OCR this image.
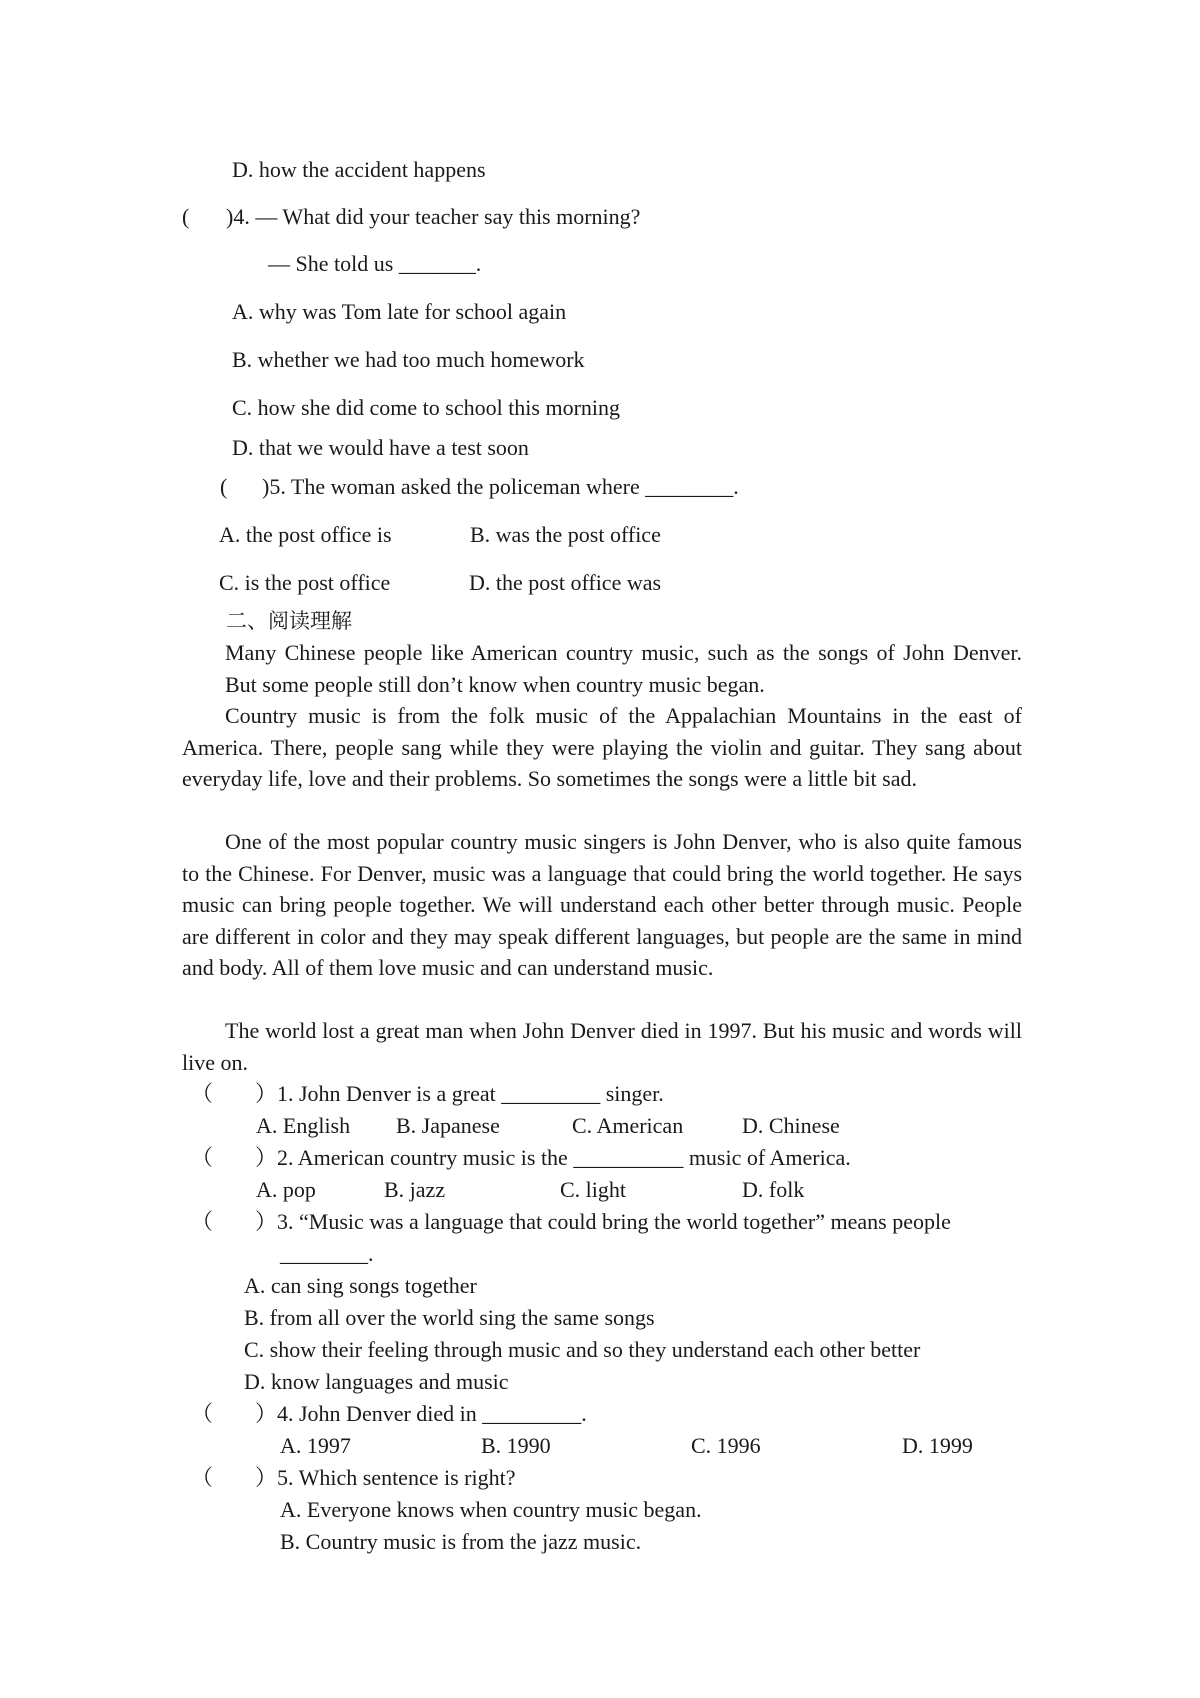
D. how the accident happens
( )4. — What did your teacher say this morning?
— She told us _______.
A. why was Tom late for school again
B. whether we had too much homework
C. how she did come to school this morning
D. that we would have a test soon
( )5. The woman asked the policeman where ________.
A. the post office is	B. was the post office
C. is the post office	D. the post office was
二、阅读理解
Many Chinese people like American country music, such as the songs of John Denver. But some people still don’t know when country music began.
Country music is from the folk music of the Appalachian Mountains in the east of America. There, people sang while they were playing the violin and guitar. They sang about everyday life, love and their problems. So sometimes the songs were a little bit sad.
One of the most popular country music singers is John Denver, who is also quite famous to the Chinese. For Denver, music was a language that could bring the world together. He says music can bring people together. We will understand each other better through music. People are different in color and they may speak different languages, but people are the same in mind and body. All of them love music and can understand music.
The world lost a great man when John Denver died in 1997. But his music and words will live on.
（ ）1. John Denver is a great _________ singer.
A. English B. Japanese	C. American	D. Chinese
（ ）2. American country music is the __________ music of America.
A. pop	B. jazz	C. light	D. folk
（ ）3. “Music was a language that could bring the world together” means people
________.
A. can sing songs together
B. from all over the world sing the same songs
C. show their feeling through music and so they understand each other better
D. know languages and music
（ ）4. John Denver died in _________.
A. 1997	B. 1990	C. 1996	D. 1999
（ ）5. Which sentence is right?
A. Everyone knows when country music began.
B. Country music is from the jazz music.
